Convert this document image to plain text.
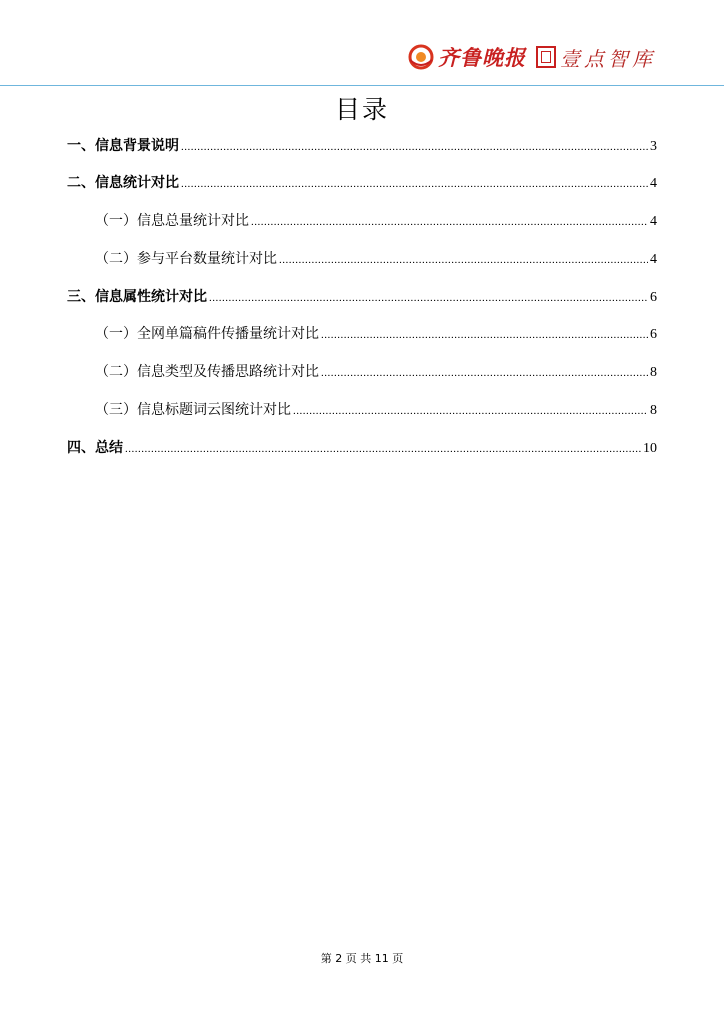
齐鲁晚报 壹点智库
目录
一、信息背景说明 .....	3
二、信息统计对比 .....	4
（一）信息总量统计对比 .....	4
（二）参与平台数量统计对比 .....	4
三、信息属性统计对比 .....	6
（一）全网单篇稿件传播量统计对比 .....	6
（二）信息类型及传播思路统计对比 .....	8
（三）信息标题词云图统计对比 .....	8
四、总结 .....	10
第 2 页 共 11 页
